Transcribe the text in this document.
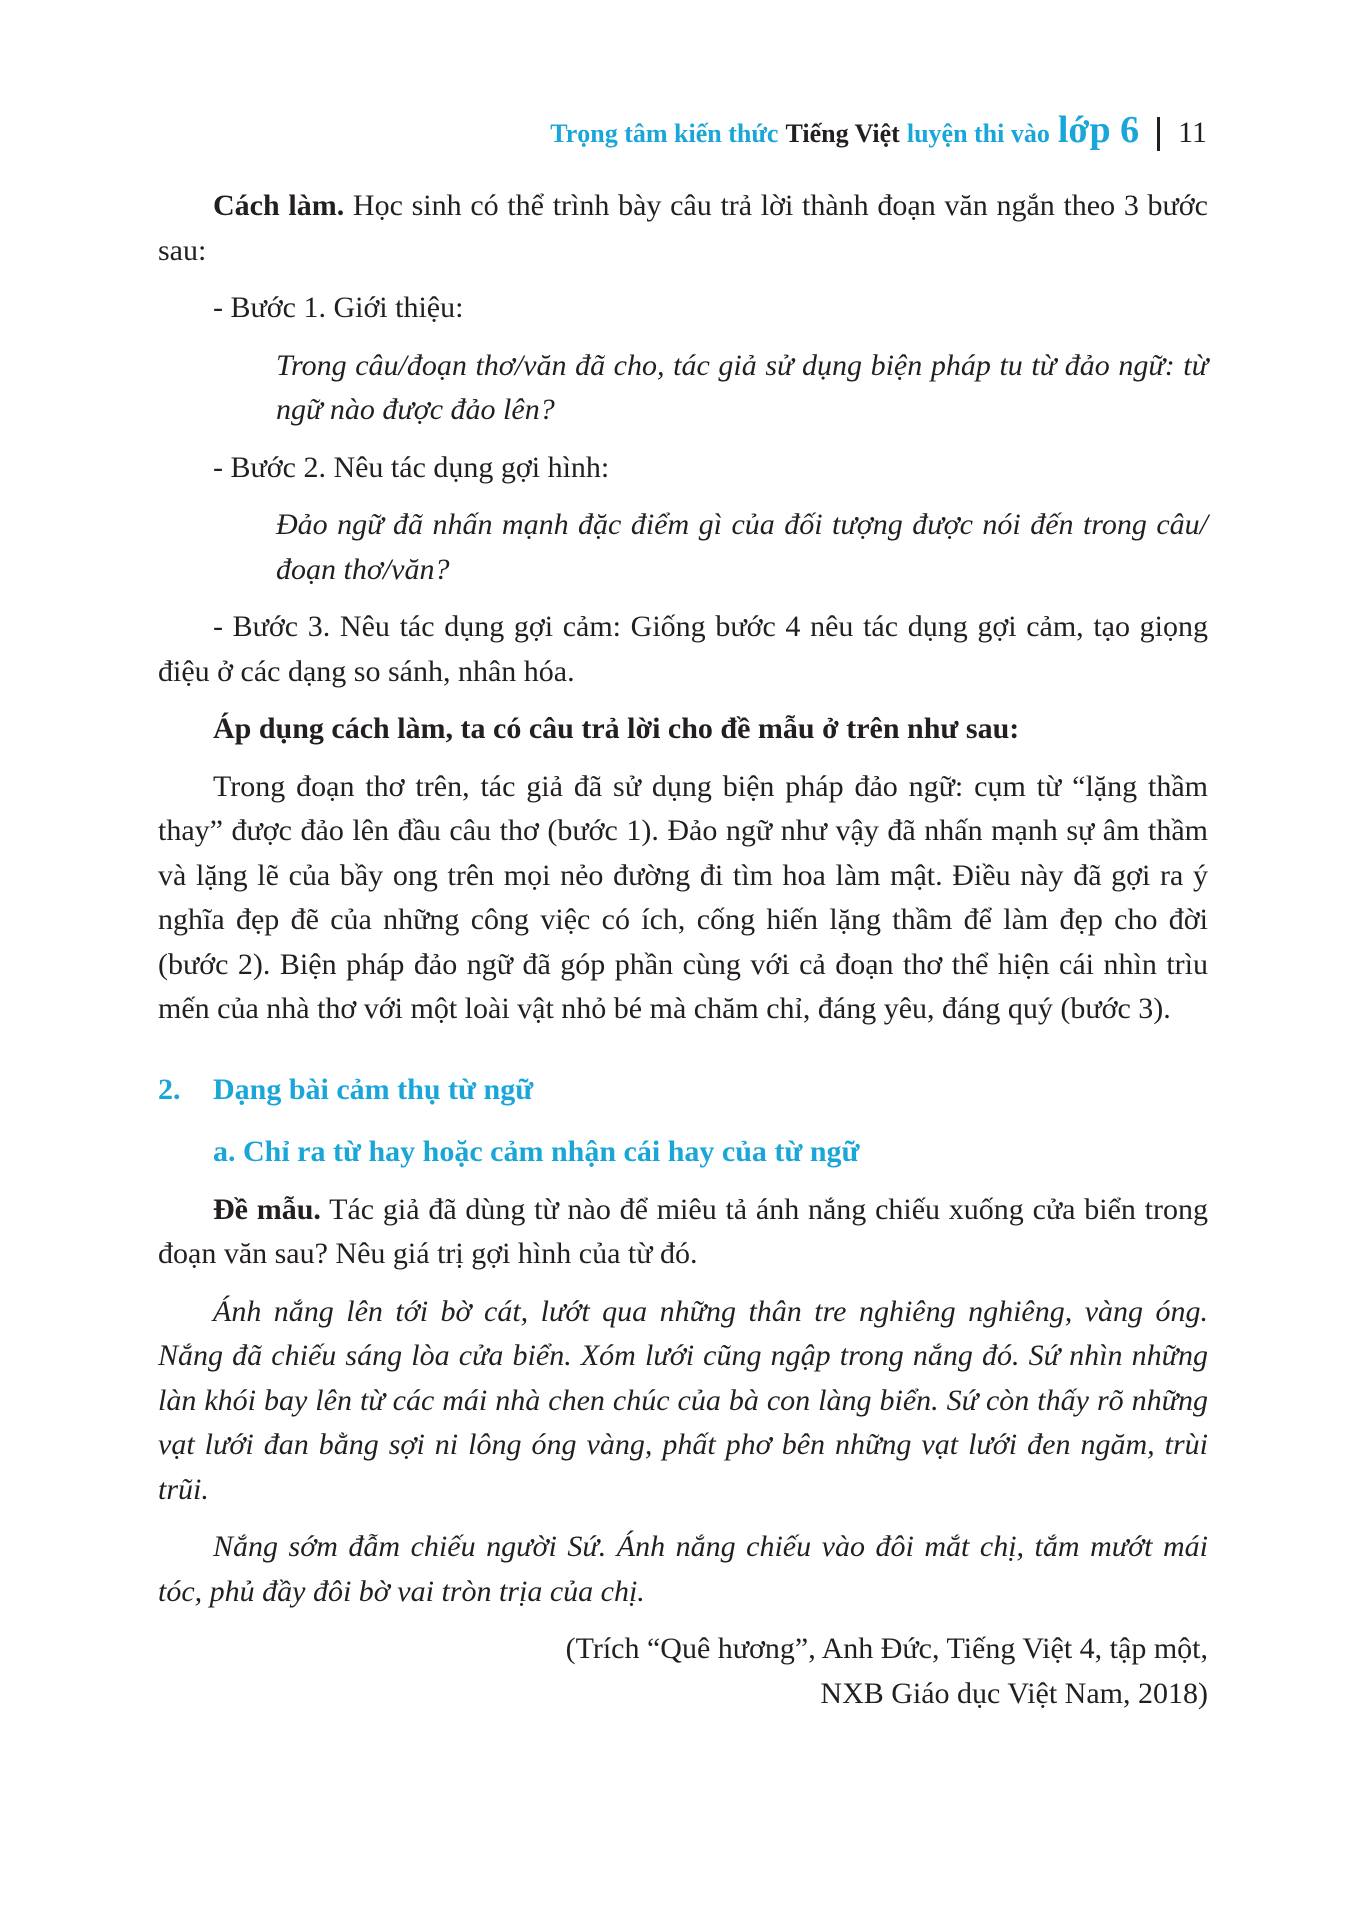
Trọng tâm kiến thức Tiếng Việt luyện thi vào lớp 6 11

Cách làm. Học sinh có thể trình bày câu trả lời thành đoạn văn ngắn theo 3 bước sau:

- Bước 1. Giới thiệu:

Trong câu/đoạn thơ/văn đã cho, tác giả sử dụng biện pháp tu từ đảo ngữ: từ ngữ nào được đảo lên?

- Bước 2. Nêu tác dụng gợi hình:

Đảo ngữ đã nhấn mạnh đặc điểm gì của đối tượng được nói đến trong câu/đoạn thơ/văn?

- Bước 3. Nêu tác dụng gợi cảm: Giống bước 4 nêu tác dụng gợi cảm, tạo giọng điệu ở các dạng so sánh, nhân hóa.

Áp dụng cách làm, ta có câu trả lời cho đề mẫu ở trên như sau:

Trong đoạn thơ trên, tác giả đã sử dụng biện pháp đảo ngữ: cụm từ “lặng thầm thay” được đảo lên đầu câu thơ (bước 1). Đảo ngữ như vậy đã nhấn mạnh sự âm thầm và lặng lẽ của bầy ong trên mọi nẻo đường đi tìm hoa làm mật. Điều này đã gợi ra ý nghĩa đẹp đẽ của những công việc có ích, cống hiến lặng thầm để làm đẹp cho đời (bước 2). Biện pháp đảo ngữ đã góp phần cùng với cả đoạn thơ thể hiện cái nhìn trìu mến của nhà thơ với một loài vật nhỏ bé mà chăm chỉ, đáng yêu, đáng quý (bước 3).

2. Dạng bài cảm thụ từ ngữ

a. Chỉ ra từ hay hoặc cảm nhận cái hay của từ ngữ

Đề mẫu. Tác giả đã dùng từ nào để miêu tả ánh nắng chiếu xuống cửa biển trong đoạn văn sau? Nêu giá trị gợi hình của từ đó.

Ánh nắng lên tới bờ cát, lướt qua những thân tre nghiêng nghiêng, vàng óng. Nắng đã chiếu sáng lòa cửa biển. Xóm lưới cũng ngập trong nắng đó. Sứ nhìn những làn khói bay lên từ các mái nhà chen chúc của bà con làng biển. Sứ còn thấy rõ những vạt lưới đan bằng sợi ni lông óng vàng, phất phơ bên những vạt lưới đen ngăm, trùi trũi.

Nắng sớm đẫm chiếu người Sứ. Ánh nắng chiếu vào đôi mắt chị, tắm mướt mái tóc, phủ đầy đôi bờ vai tròn trịa của chị.

(Trích “Quê hương”, Anh Đức, Tiếng Việt 4, tập một,

NXB Giáo dục Việt Nam, 2018)
